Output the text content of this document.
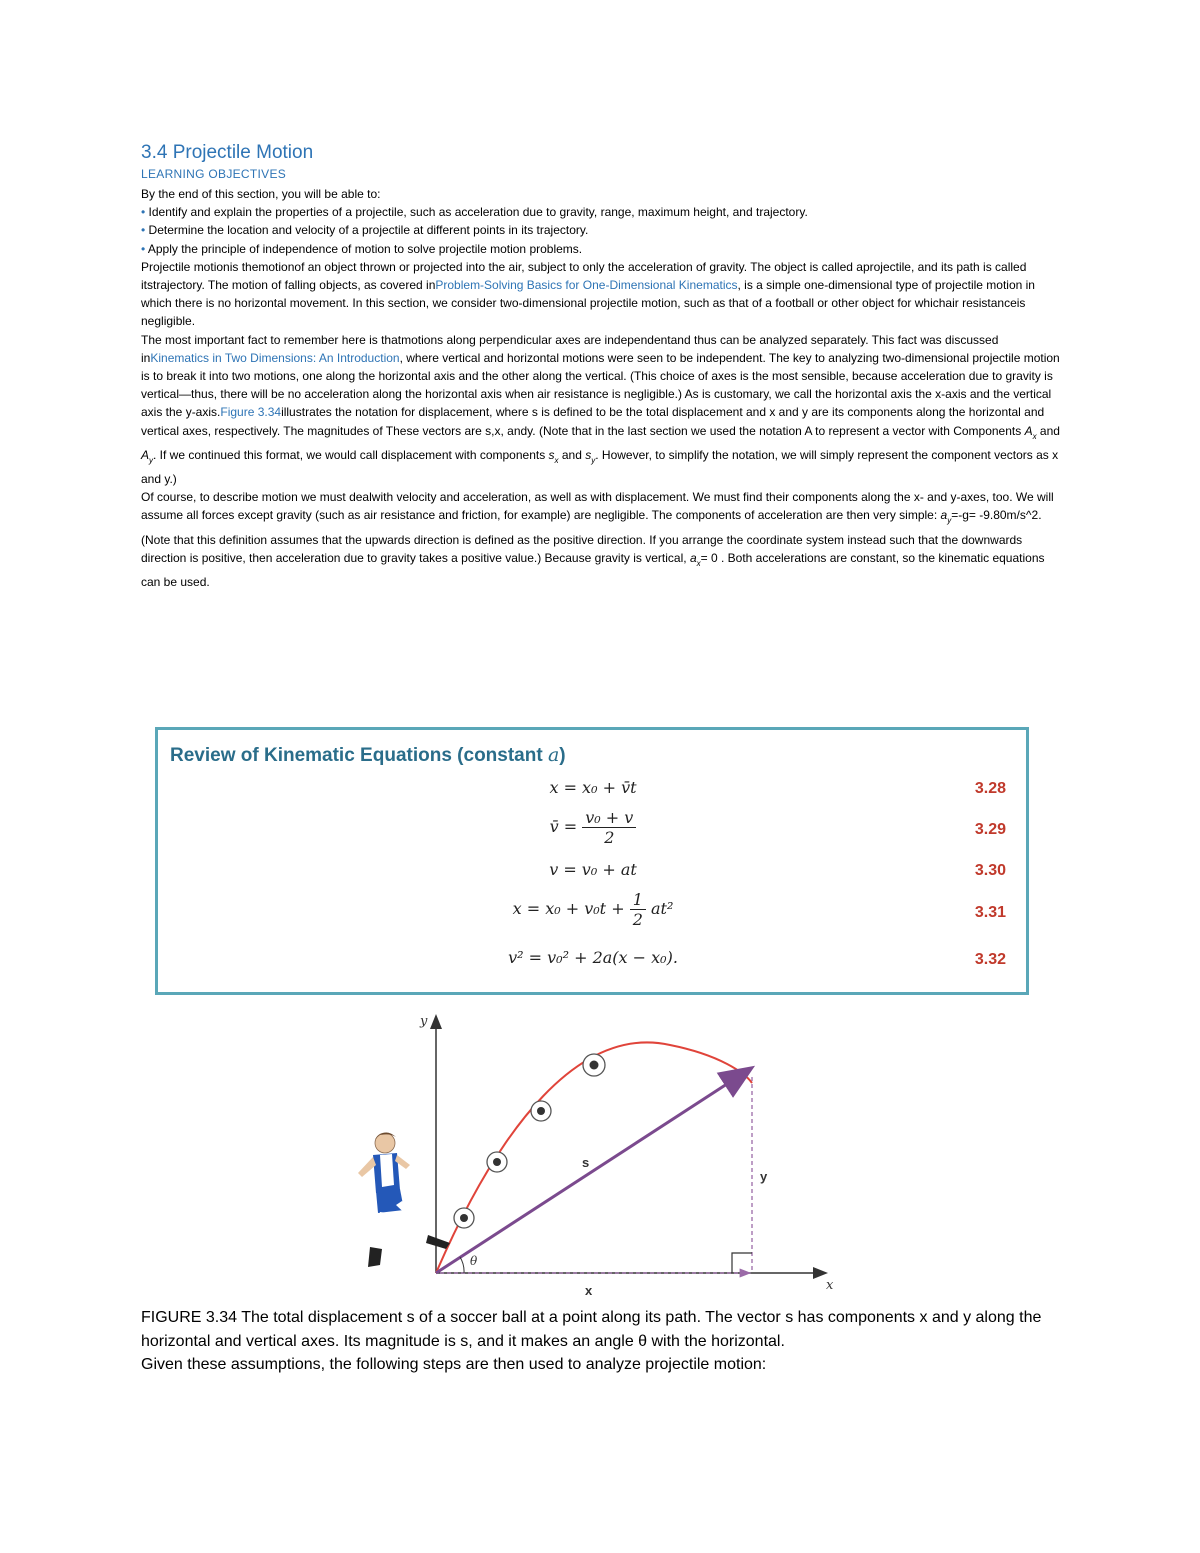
3.4 Projectile Motion
LEARNING OBJECTIVES

By the end of this section, you will be able to:

• Identify and explain the properties of a projectile, such as acceleration due to gravity, range, maximum height, and trajectory.

• Determine the location and velocity of a projectile at different points in its trajectory.

• Apply the principle of independence of motion to solve projectile motion problems.

Projectile motionis themotionof an object thrown or projected into the air, subject to only the acceleration of gravity. The object is called aprojectile, and its path is called itstrajectory. The motion of falling objects, as covered inProblem-Solving Basics for One-Dimensional Kinematics, is a simple one-dimensional type of projectile motion in which there is no horizontal movement. In this section, we consider two-dimensional projectile motion, such as that of a football or other object for whichair resistanceis negligible.

The most important fact to remember here is thatmotions along perpendicular axes are independentand thus can be analyzed separately. This fact was discussed inKinematics in Two Dimensions: An Introduction, where vertical and horizontal motions were seen to be independent. The key to analyzing two-dimensional projectile motion is to break it into two motions, one along the horizontal axis and the other along the vertical. (This choice of axes is the most sensible, because acceleration due to gravity is vertical—thus, there will be no acceleration along the horizontal axis when air resistance is negligible.) As is customary, we call the horizontal axis the x-axis and the vertical axis the y-axis.Figure 3.34illustrates the notation for displacement, where s is defined to be the total displacement and x and y are its components along the horizontal and vertical axes, respectively. The magnitudes of These vectors are s,x, andy. (Note that in the last section we used the notation A to represent a vector with Components $A_x$ and $A_y$. If we continued this format, we would call displacement with components $s_x$ and $s_y$. However, to simplify the notation, we will simply represent the component vectors as x and y.)

Of course, to describe motion we must dealwith velocity and acceleration, as well as with displacement. We must find their components along the x- and y-axes, too. We will assume all forces except gravity (such as air resistance and friction, for example) are negligible. The components of acceleration are then very simple: $a_y=-g=$ -9.80m/s^2. (Note that this definition assumes that the upwards direction is defined as the positive direction. If you arrange the coordinate system instead such that the downwards direction is positive, then acceleration due to gravity takes a positive value.) Because gravity is vertical, $a_x= 0$ . Both accelerations are constant, so the kinematic equations can be used.

Review of Kinematic Equations (constant a)
x = x₀ + v̄t	3.28
v̄ = $\frac{\text{v₀ + v}}{2}$	3.29
v = v₀ + at	3.30
$x = x_0 + v_0t + \frac{1}{2} at^2$	3.31
v² = v₀² + 2a(x − x₀).	3.32
y
x
θ
s
y
x

FIGURE 3.34 The total displacement s of a soccer ball at a point along its path. The vector s has components x and y along the horizontal and vertical axes. Its magnitude is s, and it makes an angle θ with the horizontal.

Given these assumptions, the following steps are then used to analyze projectile motion:
